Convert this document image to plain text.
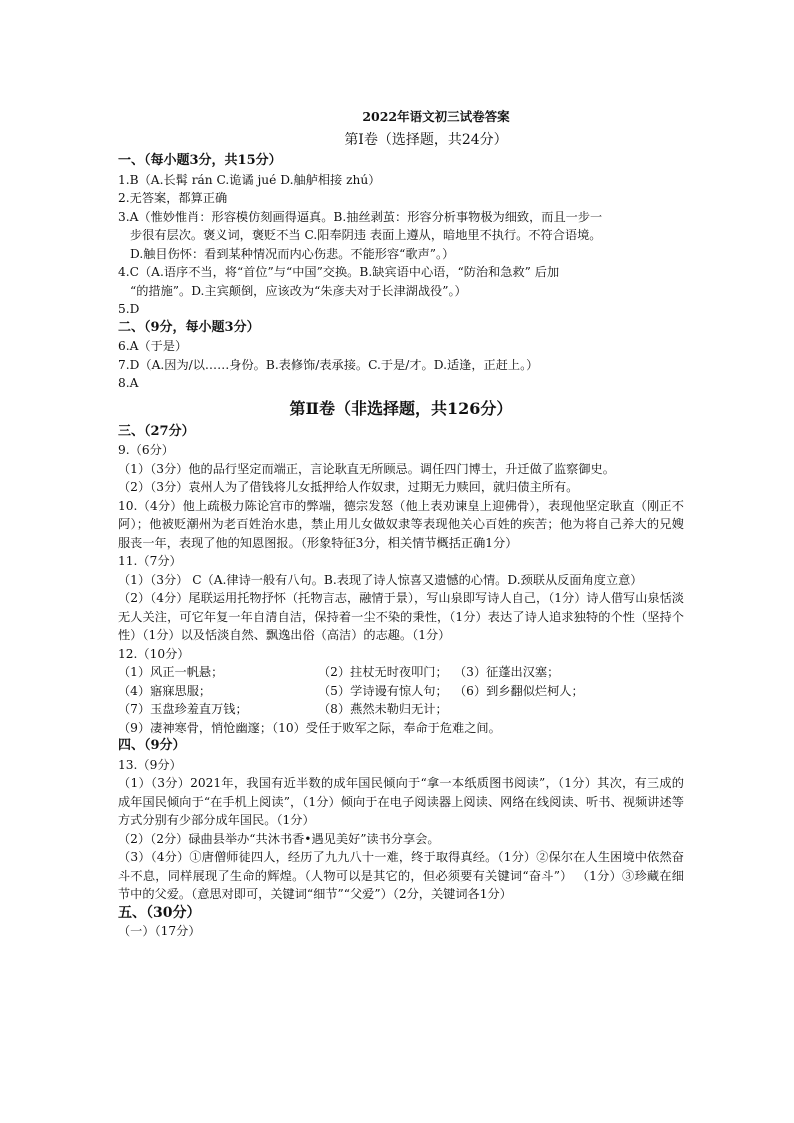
2022年语文初三试卷答案
第Ⅰ卷（选择题，共24分）
一、（每小题3分，共15分）
1.B（A.长髯 rán C.诡谲 jué D.舳舻相接 zhú）
2.无答案，都算正确
3.A（惟妙惟肖：形容模仿刻画得逼真。B.抽丝剥茧：形容分析事物极为细致，而且一步一
步很有层次。褒义词，褒贬不当 C.阳奉阴违 表面上遵从，暗地里不执行。不符合语境。
D.触目伤怀：看到某种情况而内心伤悲。不能形容“歌声”。）
4.C（A.语序不当，将“首位”与“中国”交换。B.缺宾语中心语，“防治和急救” 后加
“的措施”。D.主宾颠倒，应该改为“朱彦夫对于长津湖战役”。）
5.D
二、（9分，每小题3分）
6.A（于是）
7.D（A.因为/以……身份。B.表修饰/表承接。C.于是/才。D.适逢，正赶上。）
8.A
第Ⅱ卷（非选择题，共126分）
三、（27分）
9.（6分）
（1）（3分）他的品行坚定而端正，言论耿直无所顾忌。调任四门博士，升迁做了监察御史。
（2）（3分）袁州人为了借钱将儿女抵押给人作奴隶，过期无力赎回，就归债主所有。
10.（4分）他上疏极力陈论宫市的弊端，德宗发怒（他上表劝谏皇上迎佛骨），表现他坚定耿直（刚正不阿）；他被贬潮州为老百姓治水患，禁止用儿女做奴隶等表现他关心百姓的疾苦；他为将自己养大的兄嫂服丧一年，表现了他的知恩图报。（形象特征3分，相关情节概括正确1分）
11.（7分）
（1）（3分） C（A.律诗一般有八句。B.表现了诗人惊喜又遗憾的心情。D.颈联从反面角度立意）
（2）（4分）尾联运用托物抒怀（托物言志，融情于景），写山泉即写诗人自己，（1分）诗人借写山泉恬淡无人关注，可它年复一年自清自洁，保持着一尘不染的秉性，（1分）表达了诗人追求独特的个性（坚持个性）（1分）以及恬淡自然、飘逸出俗（高洁）的志趣。（1分）
12.（10分）
（1）风正一帆悬；	（2）拄杖无时夜叩门； （3）征蓬出汉塞；
（4）寤寐思服；	（5）学诗谩有惊人句； （6）到乡翻似烂柯人；
（7）玉盘珍羞直万钱；	（8）燕然未勒归无计；
（9）凄神寒骨，悄怆幽邃；（10）受任于败军之际，奉命于危难之间。
四、（9分）
13.（9分）
（1）（3分）2021年，我国有近半数的成年国民倾向于“拿一本纸质图书阅读”，（1分）其次，有三成的成年国民倾向于“在手机上阅读”，（1分）倾向于在电子阅读器上阅读、网络在线阅读、听书、视频讲述等方式分别有少部分成年国民。（1分）
（2）（2分）碌曲县举办“共沐书香•遇见美好”读书分享会。
（3）（4分）①唐僧师徒四人，经历了九九八十一难，终于取得真经。（1分）②保尔在人生困境中依然奋斗不息，同样展现了生命的辉煌。（人物可以是其它的，但必须要有关键词“奋斗”） （1分）③珍藏在细节中的父爱。（意思对即可，关键词“细节”“父爱”）（2分，关键词各1分）
五、（30分）
（一）（17分）
